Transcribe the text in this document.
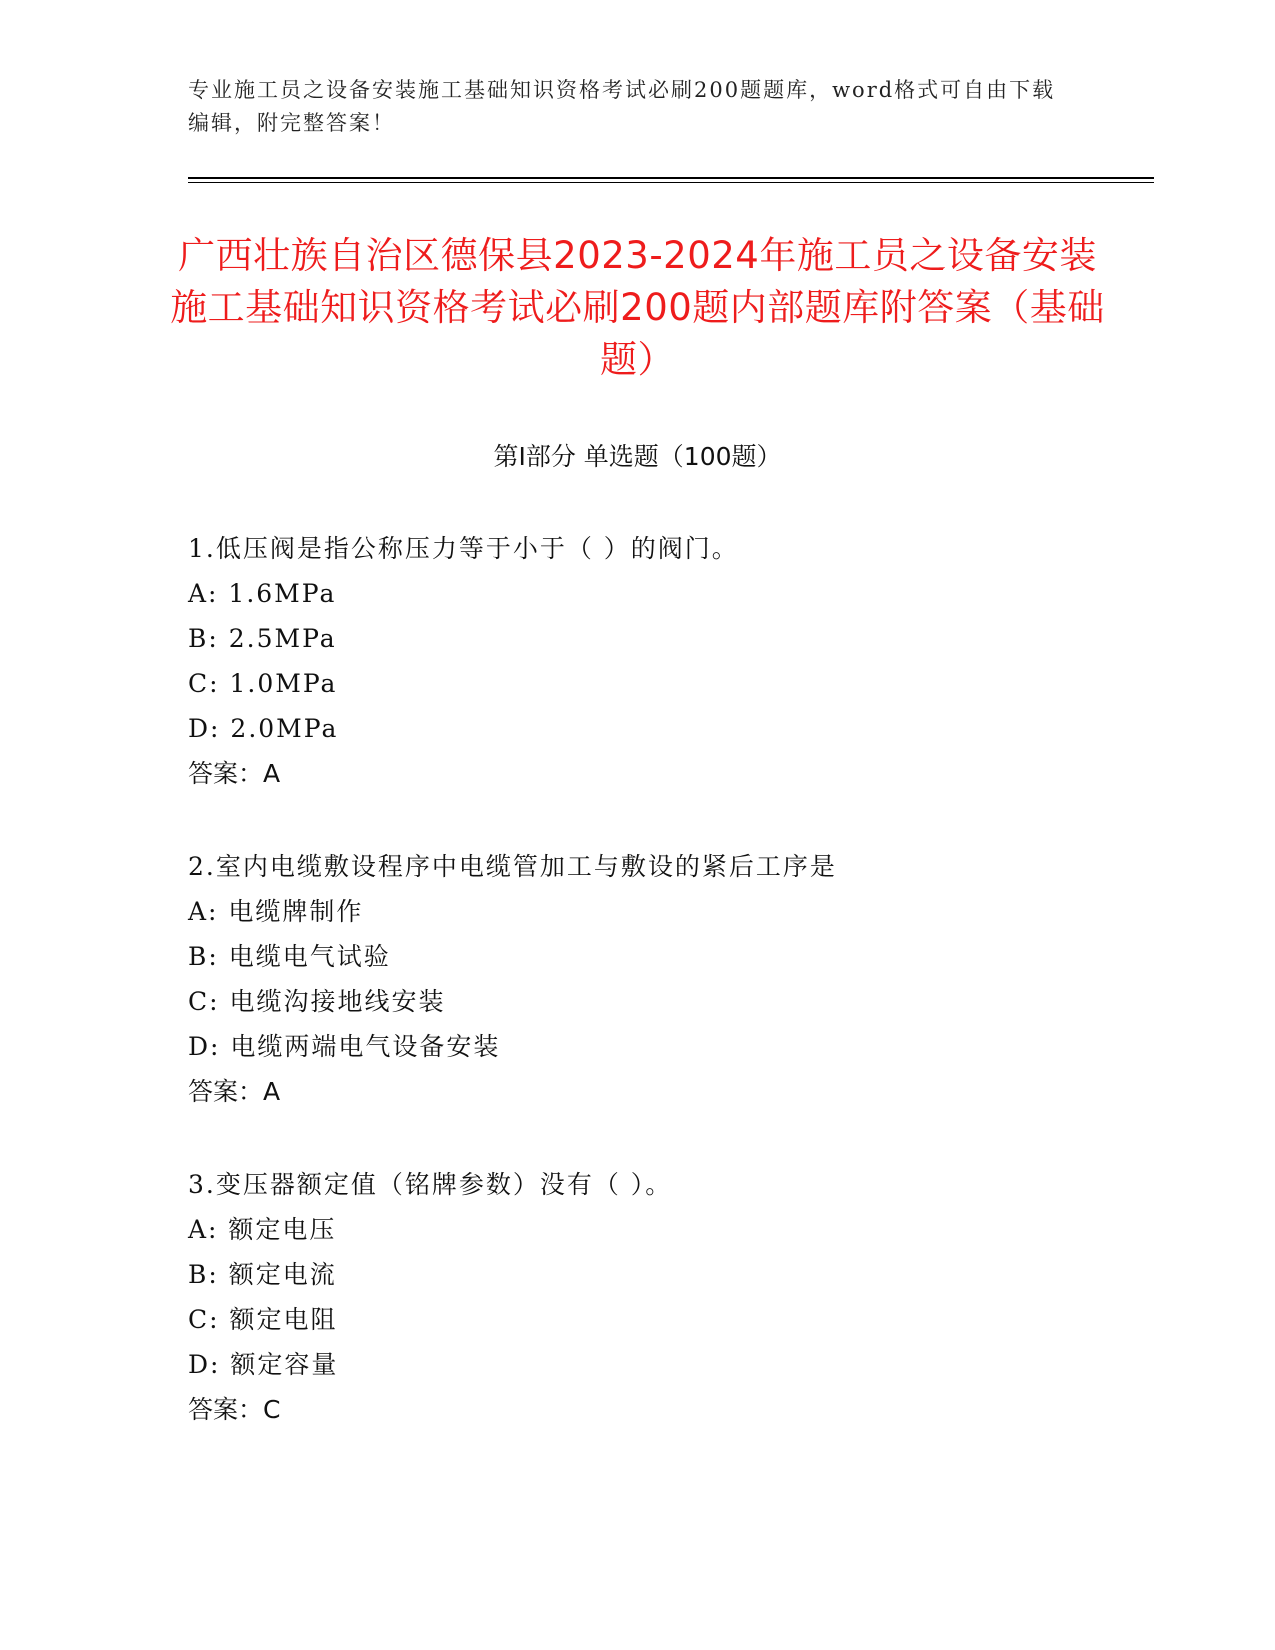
专业施工员之设备安装施工基础知识资格考试必刷200题题库，word格式可自由下载编辑，附完整答案！
广西壮族自治区德保县2023-2024年施工员之设备安装施工基础知识资格考试必刷200题内部题库附答案（基础题）
第I部分 单选题（100题）
1.低压阀是指公称压力等于小于（ ）的阀门。
A: 1.6MPa
B: 2.5MPa
C: 1.0MPa
D: 2.0MPa
答案：A
2.室内电缆敷设程序中电缆管加工与敷设的紧后工序是
A: 电缆牌制作
B: 电缆电气试验
C: 电缆沟接地线安装
D: 电缆两端电气设备安装
答案：A
3.变压器额定值（铭牌参数）没有（ ）。
A: 额定电压
B: 额定电流
C: 额定电阻
D: 额定容量
答案：C
